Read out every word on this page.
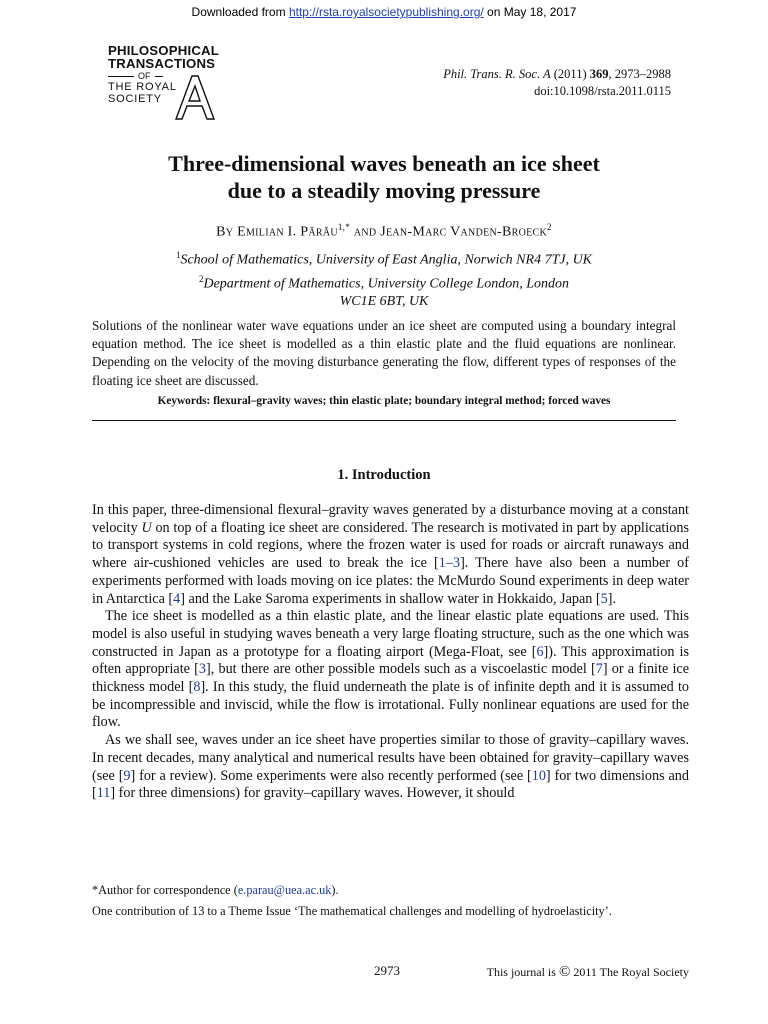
Downloaded from http://rsta.royalsocietypublishing.org/ on May 18, 2017
PHILOSOPHICAL
TRANSACTIONS
OF
THE ROYAL
SOCIETY
Phil. Trans. R. Soc. A (2011) 369, 2973–2988
doi:10.1098/rsta.2011.0115
Three-dimensional waves beneath an ice sheet
due to a steadily moving pressure
By Emilian I. Părău$^{1,*}$ and Jean-Marc Vanden-Broeck$^2$
$^1$School of Mathematics, University of East Anglia, Norwich NR4 7TJ, UK
$^2$Department of Mathematics, University College London, London
WC1E 6BT, UK
Solutions of the nonlinear water wave equations under an ice sheet are computed using a boundary integral equation method. The ice sheet is modelled as a thin elastic plate and the fluid equations are nonlinear. Depending on the velocity of the moving disturbance generating the flow, different types of responses of the floating ice sheet are discussed.
Keywords: flexural–gravity waves; thin elastic plate; boundary integral method; forced waves
1. Introduction

In this paper, three-dimensional flexural–gravity waves generated by a disturbance moving at a constant velocity U on top of a floating ice sheet are considered. The research is motivated in part by applications to transport systems in cold regions, where the frozen water is used for roads or aircraft runaways and where air-cushioned vehicles are used to break the ice [1–3]. There have also been a number of experiments performed with loads moving on ice plates: the McMurdo Sound experiments in deep water in Antarctica [4] and the Lake Saroma experiments in shallow water in Hokkaido, Japan [5].

The ice sheet is modelled as a thin elastic plate, and the linear elastic plate equations are used. This model is also useful in studying waves beneath a very large floating structure, such as the one which was constructed in Japan as a prototype for a floating airport (Mega-Float, see [6]). This approximation is often appropriate [3], but there are other possible models such as a viscoelastic model [7] or a finite ice thickness model [8]. In this study, the fluid underneath the plate is of infinite depth and it is assumed to be incompressible and inviscid, while the flow is irrotational. Fully nonlinear equations are used for the flow.

As we shall see, waves under an ice sheet have properties similar to those of gravity–capillary waves. In recent decades, many analytical and numerical results have been obtained for gravity–capillary waves (see [9] for a review). Some experiments were also recently performed (see [10] for two dimensions and [11] for three dimensions) for gravity–capillary waves. However, it should

*Author for correspondence (e.parau@uea.ac.uk).

One contribution of 13 to a Theme Issue ‘The mathematical challenges and modelling of hydroelasticity’.

2973	This journal is © 2011 The Royal Society
